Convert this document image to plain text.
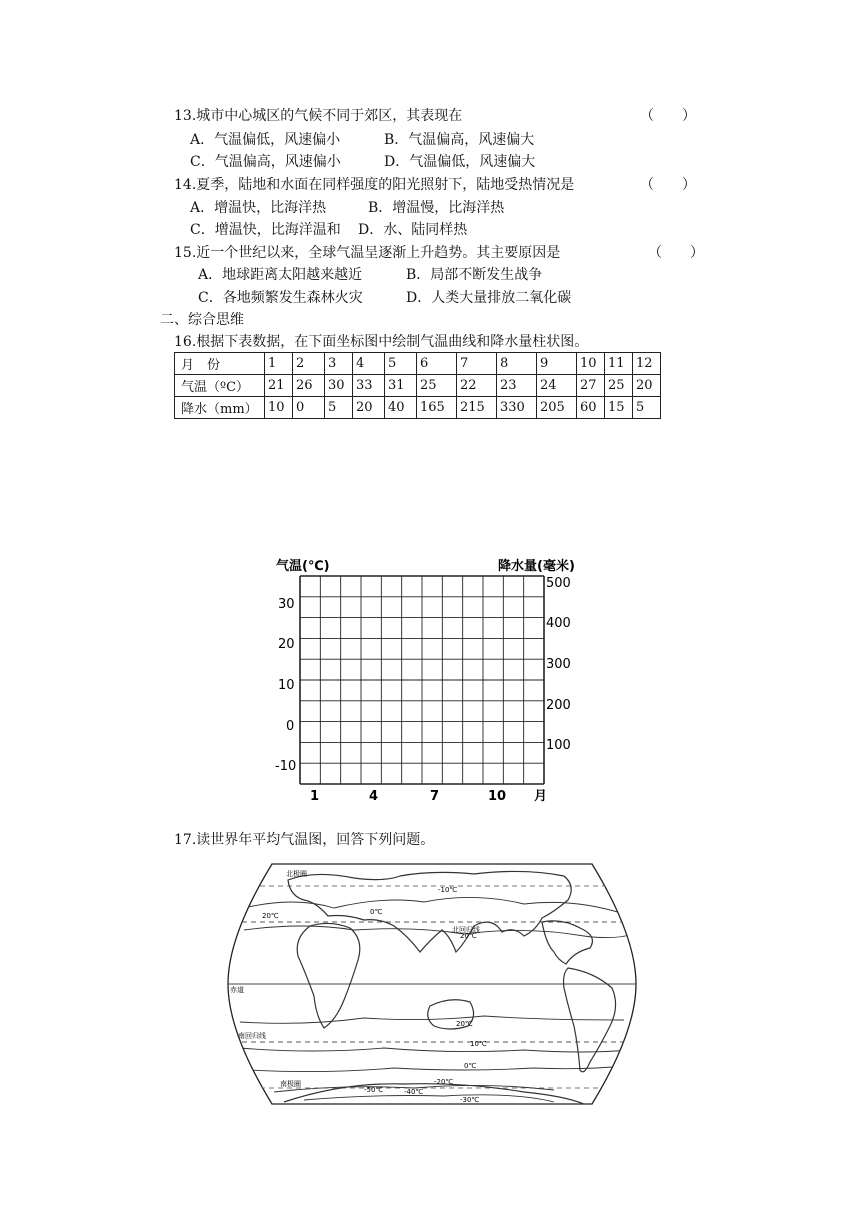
13.城市中心城区的气候不同于郊区，其表现在	（　　）
A．气温偏低，风速偏小	B．气温偏高，风速偏大
C．气温偏高，风速偏小	D．气温偏低，风速偏大
14.夏季，陆地和水面在同样强度的阳光照射下，陆地受热情况是	（　　）
A．增温快，比海洋热	B．增温慢，比海洋热
C．增温快，比海洋温和 D．水、陆同样热
15.近一个世纪以来，全球气温呈逐渐上升趋势。其主要原因是	（　　）
A．地球距离太阳越来越近	B．局部不断发生战争
C．各地频繁发生森林火灾	D．人类大量排放二氧化碳
二、综合思维
16.根据下表数据，在下面坐标图中绘制气温曲线和降水量柱状图。
月　份	1	2	3	4	5	6	7	8	9	10	11	12
气温（ºC）	21	26	30	33	31	25	22	23	24	27	25	20
降水（mm）	10	0	5	20	40	165	215	330	205	60	15	5
气温(℃)	降水量(毫米)
30
20
10
0
-10
500
400
300
200
100
1	4	7	10 月
17.读世界年平均气温图，回答下列问题。
北极圈
北回归线
赤道
南回归线
南极圈
-10℃
0℃
20℃
20℃
10℃
20℃
0℃
-20℃
-50℃	-40℃
-30℃
